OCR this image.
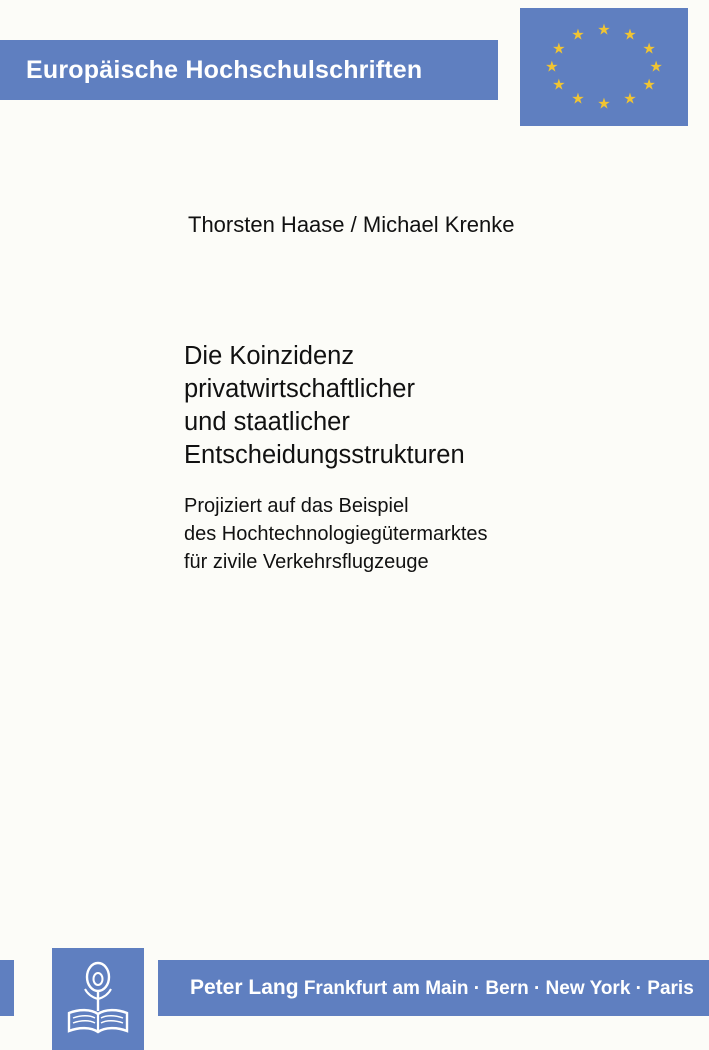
Europäische Hochschulschriften
★ ★
★
★
★
★
★
★
★
★
★
★
Thorsten Haase / Michael Krenke
Die Koinzidenz
privatwirtschaftlicher
und staatlicher
Entscheidungsstrukturen
Projiziert auf das Beispiel
des Hochtechnologiegütermarktes
für zivile Verkehrsflugzeuge
Peter Lang Frankfurt am Main · Bern · New York · Paris
